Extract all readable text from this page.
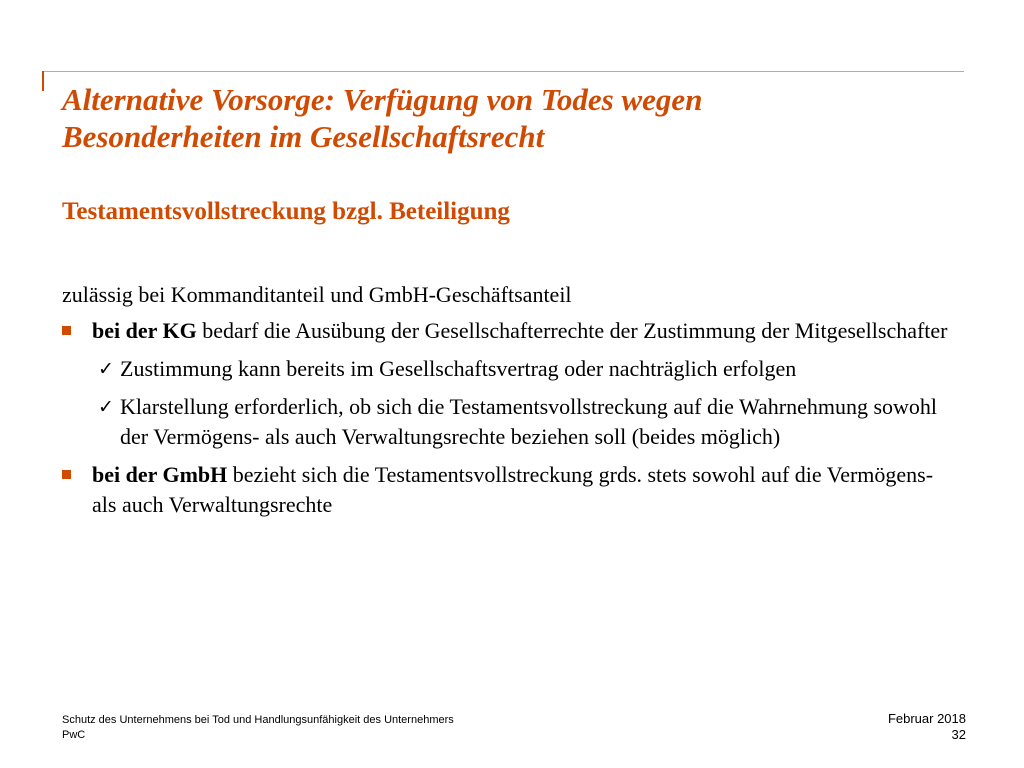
Alternative Vorsorge: Verfügung von Todes wegen
Besonderheiten im Gesellschaftsrecht
Testamentsvollstreckung bzgl. Beteiligung

zulässig bei Kommanditanteil und GmbH-Geschäftsanteil

bei der KG bedarf die Ausübung der Gesellschafterrechte der Zustimmung der Mitgesellschafter
✓ Zustimmung kann bereits im Gesellschaftsvertrag oder nachträglich erfolgen
✓ Klarstellung erforderlich, ob sich die Testamentsvollstreckung auf die Wahrnehmung sowohl der Vermögens- als auch Verwaltungsrechte beziehen soll (beides möglich)
bei der GmbH bezieht sich die Testamentsvollstreckung grds. stets sowohl auf die Vermögens- als auch Verwaltungsrechte
Schutz des Unternehmens bei Tod und Handlungsunfähigkeit des Unternehmers
PwC
Februar 2018
32
